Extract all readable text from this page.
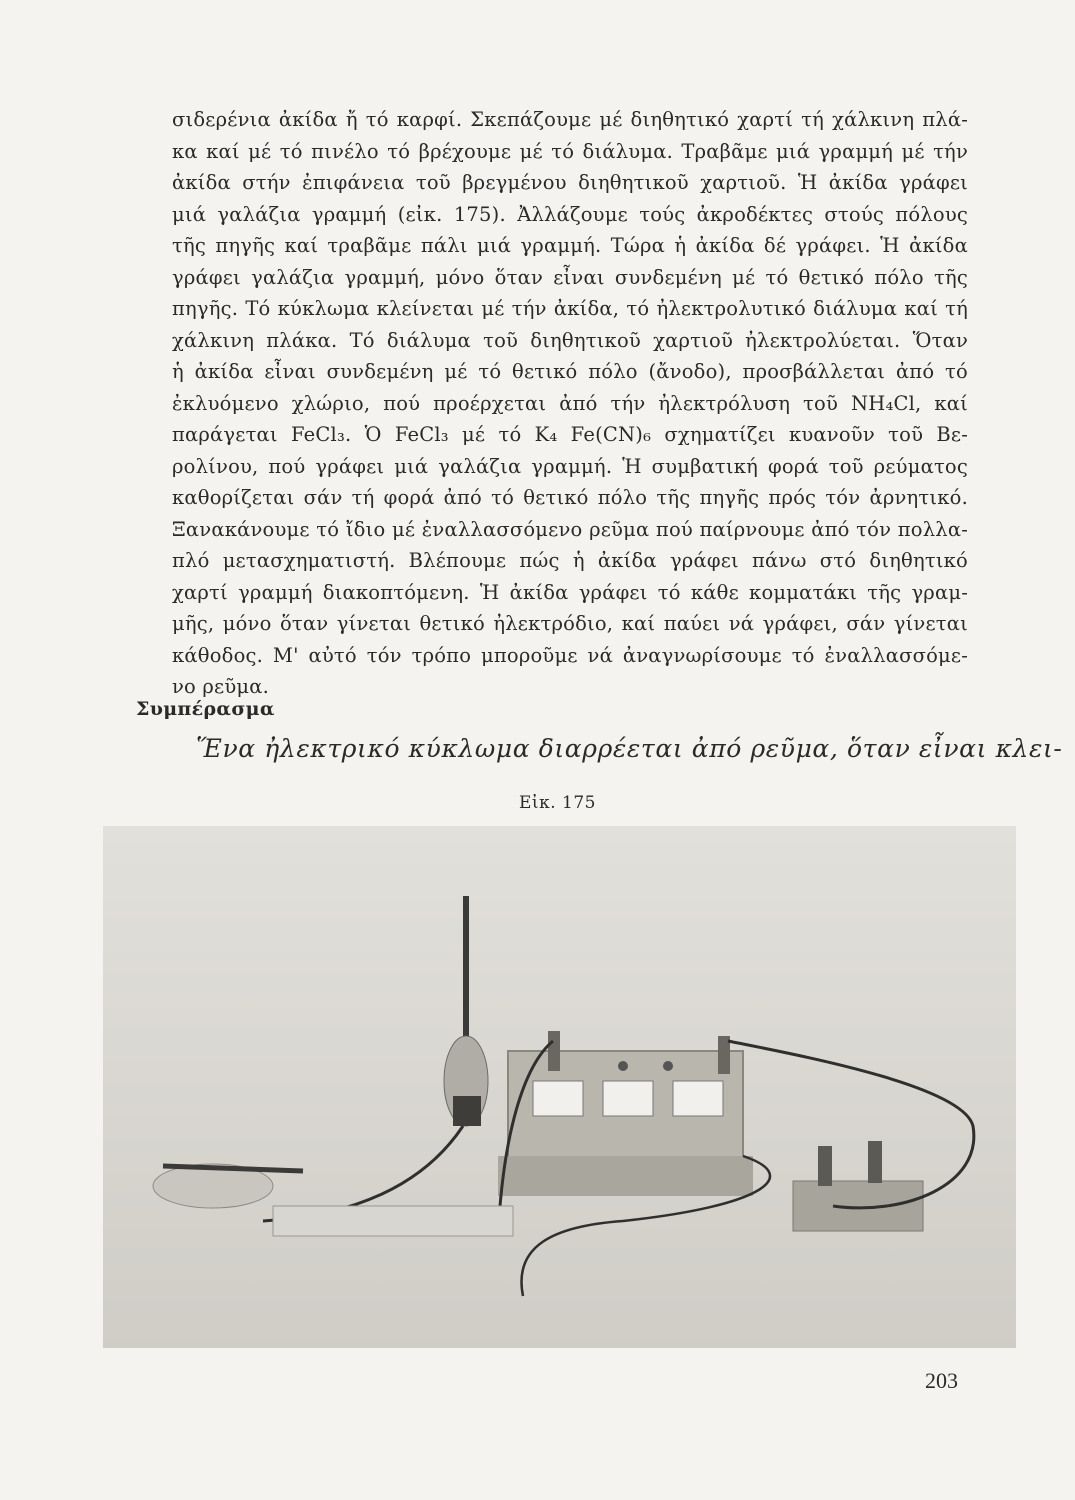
σιδερένια ἀκίδα ἤ τό καρφί. Σκεπάζουμε μέ διηθητικό χαρτί τή χάλκινη πλά-
κα καί μέ τό πινέλο τό βρέχουμε μέ τό διάλυμα. Τραβᾶμε μιά γραμμή μέ τήν
ἀκίδα στήν ἐπιφάνεια τοῦ βρεγμένου διηθητικοῦ χαρτιοῦ. Ἡ ἀκίδα γράφει
μιά γαλάζια γραμμή (εἰκ. 175). Ἀλλάζουμε τούς ἀκροδέκτες στούς πόλους
τῆς πηγῆς καί τραβᾶμε πάλι μιά γραμμή. Τώρα ἡ ἀκίδα δέ γράφει. Ἡ ἀκίδα
γράφει γαλάζια γραμμή, μόνο ὅταν εἶναι συνδεμένη μέ τό θετικό πόλο τῆς
πηγῆς. Τό κύκλωμα κλείνεται μέ τήν ἀκίδα, τό ἠλεκτρολυτικό διάλυμα καί τή
χάλκινη πλάκα. Τό διάλυμα τοῦ διηθητικοῦ χαρτιοῦ ἠλεκτρολύεται. Ὅταν
ἡ ἀκίδα εἶναι συνδεμένη μέ τό θετικό πόλο (ἄνοδο), προσβάλλεται ἀπό τό
ἐκλυόμενο χλώριο, πού προέρχεται ἀπό τήν ἠλεκτρόλυση τοῦ NH₄Cl, καί
παράγεται FeCl₃. Ὁ FeCl₃ μέ τό K₄ Fe(CN)₆ σχηματίζει κυανοῦν τοῦ Βε-
ρολίνου, πού γράφει μιά γαλάζια γραμμή. Ἡ συμβατική φορά τοῦ ρεύματος
καθορίζεται σάν τή φορά ἀπό τό θετικό πόλο τῆς πηγῆς πρός τόν ἀρνητικό.
Ξανακάνουμε τό ἴδιο μέ ἐναλλασσόμενο ρεῦμα πού παίρνουμε ἀπό τόν πολλα-
πλό μετασχηματιστή. Βλέπουμε πώς ἡ ἀκίδα γράφει πάνω στό διηθητικό
χαρτί γραμμή διακοπτόμενη. Ἡ ἀκίδα γράφει τό κάθε κομματάκι τῆς γραμ-
μῆς, μόνο ὅταν γίνεται θετικό ἠλεκτρόδιο, καί παύει νά γράφει, σάν γίνεται
κάθοδος. Μ' αὐτό τόν τρόπο μποροῦμε νά ἀναγνωρίσουμε τό ἐναλλασσόμε-
νο ρεῦμα.
Συμπέρασμα
Ἕνα ἠλεκτρικό κύκλωμα διαρρέεται ἀπό ρεῦμα, ὅταν εἶναι κλει-
Εἰκ. 175
203
